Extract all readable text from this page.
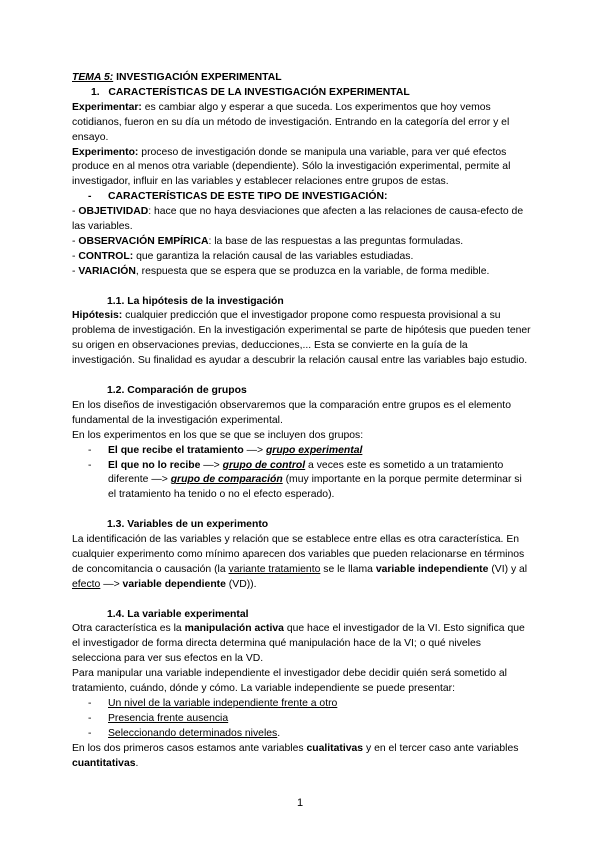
TEMA 5: INVESTIGACIÓN EXPERIMENTAL

1. CARACTERÍSTICAS DE LA INVESTIGACIÓN EXPERIMENTAL

Experimentar: es cambiar algo y esperar a que suceda. Los experimentos que hoy vemos cotidianos, fueron en su día un método de investigación. Entrando en la categoría del error y el ensayo.

Experimento: proceso de investigación donde se manipula una variable, para ver qué efectos produce en al menos otra variable (dependiente). Sólo la investigación experimental, permite al investigador, influir en las variables y establecer relaciones entre grupos de estas.

- CARACTERÍSTICAS DE ESTE TIPO DE INVESTIGACIÓN:

- OBJETIVIDAD: hace que no haya desviaciones que afecten a las relaciones de causa-efecto de las variables.

- OBSERVACIÓN EMPÍRICA: la base de las respuestas a las preguntas formuladas.

- CONTROL: que garantiza la relación causal de las variables estudiadas.

- VARIACIÓN, respuesta que se espera que se produzca en la variable, de forma medible.

1.1. La hipótesis de la investigación

Hipótesis: cualquier predicción que el investigador propone como respuesta provisional a su problema de investigación. En la investigación experimental se parte de hipótesis que pueden tener su origen en observaciones previas, deducciones,... Esta se convierte en la guía de la investigación. Su finalidad es ayudar a descubrir la relación causal entre las variables bajo estudio.

1.2. Comparación de grupos

En los diseños de investigación observaremos que la comparación entre grupos es el elemento fundamental de la investigación experimental.

En los experimentos en los que se que se incluyen dos grupos:

- El que recibe el tratamiento —> grupo experimental
- El que no lo recibe —> grupo de control a veces este es sometido a un tratamiento diferente —> grupo de comparación (muy importante en la porque permite determinar si el tratamiento ha tenido o no el efecto esperado).

1.3. Variables de un experimento

La identificación de las variables y relación que se establece entre ellas es otra característica. En cualquier experimento como mínimo aparecen dos variables que pueden relacionarse en términos de concomitancia o causación (la variante tratamiento se le llama variable independiente (VI) y al efecto —> variable dependiente (VD)).

1.4. La variable experimental

Otra característica es la manipulación activa que hace el investigador de la VI. Esto significa que el investigador de forma directa determina qué manipulación hace de la VI; o qué niveles selecciona para ver sus efectos en la VD.

Para manipular una variable independiente el investigador debe decidir quién será sometido al tratamiento, cuándo, dónde y cómo. La variable independiente se puede presentar:

- Un nivel de la variable independiente frente a otro
- Presencia frente ausencia
- Seleccionando determinados niveles.

En los dos primeros casos estamos ante variables cualitativas y en el tercer caso ante variables cuantitativas.

1
